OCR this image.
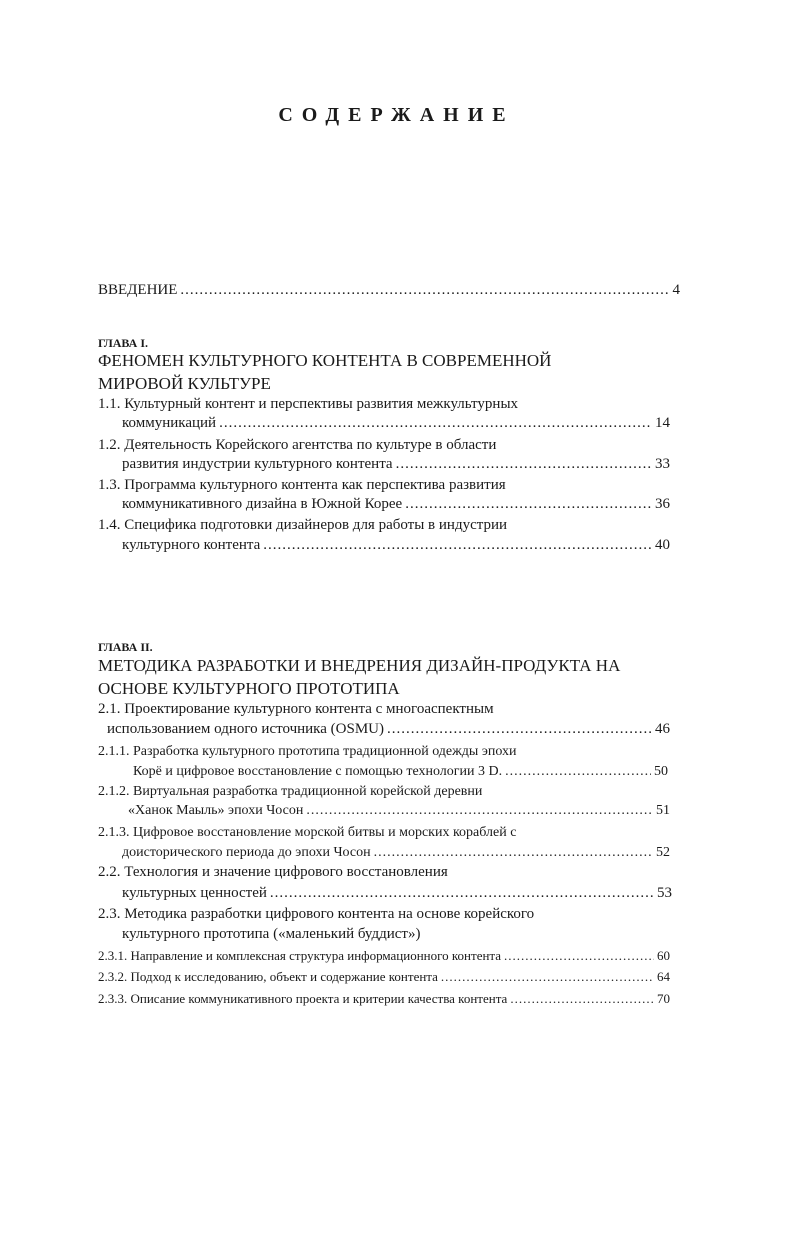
СОДЕРЖАНИЕ
ВВЕДЕНИЕ .....	4
ГЛАВА I.
ФЕНОМЕН КУЛЬТУРНОГО КОНТЕНТА В СОВРЕМЕННОЙ
МИРОВОЙ КУЛЬТУРЕ
1.1. Культурный контент и перспективы развития межкультурных
коммуникаций .....	14
1.2. Деятельность Корейского агентства по культуре в области
развития индустрии культурного контента .....	33
1.3. Программа культурного контента как перспектива развития
коммуникативного дизайна в Южной Корее .....	36
1.4. Специфика подготовки дизайнеров для работы в индустрии
культурного контента .....	40
ГЛАВА II.
МЕТОДИКА РАЗРАБОТКИ И ВНЕДРЕНИЯ ДИЗАЙН-ПРОДУКТА НА
ОСНОВЕ КУЛЬТУРНОГО ПРОТОТИПА
2.1. Проектирование культурного контента с многоаспектным
использованием одного источника (OSMU) .....	46
2.1.1. Разработка культурного прототипа традиционной одежды эпохи
Корё и цифровое восстановление с помощью технологии 3 D. .....	50
2.1.2. Виртуальная разработка традиционной корейской деревни
«Ханок Маыль» эпохи Чосон .....	51
2.1.3. Цифровое восстановление морской битвы и морских кораблей с
доисторического периода до эпохи Чосон .....	52
2.2. Технология и значение цифрового восстановления
культурных ценностей .....	53
2.3. Методика разработки цифрового контента на основе корейского
культурного прототипа («маленький буддист»)
2.3.1. Направление и комплексная структура информационного контента .....	60
2.3.2. Подход к исследованию, объект и содержание контента .....	64
2.3.3. Описание коммуникативного проекта и критерии качества контента .....	70
